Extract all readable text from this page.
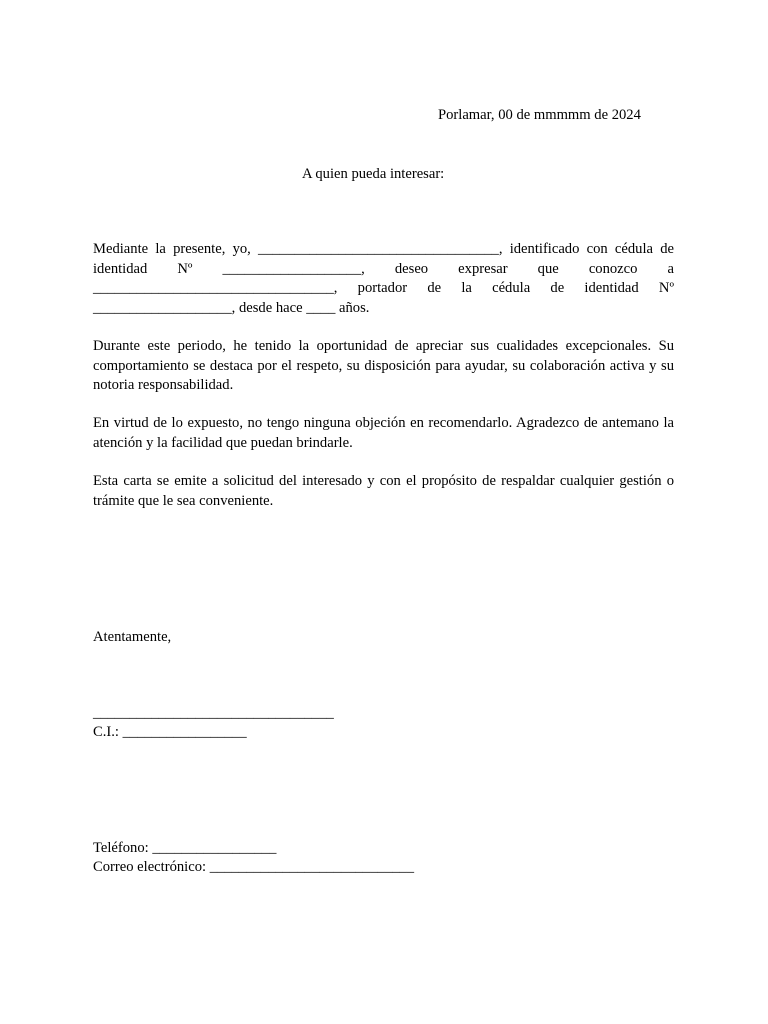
Porlamar, 00 de mmmmm de 2024
A quien pueda interesar:

Mediante la presente, yo, _________________________________, identificado con cédula de identidad Nº ___________________, deseo expresar que conozco a _________________________________, portador de la cédula de identidad Nº ___________________, desde hace ____ años.

Durante este periodo, he tenido la oportunidad de apreciar sus cualidades excepcionales. Su comportamiento se destaca por el respeto, su disposición para ayudar, su colaboración activa y su notoria responsabilidad.

En virtud de lo expuesto, no tengo ninguna objeción en recomendarlo. Agradezco de antemano la atención y la facilidad que puedan brindarle.

Esta carta se emite a solicitud del interesado y con el propósito de respaldar cualquier gestión o trámite que le sea conveniente.

Atentamente,
_________________________________
C.I.: _________________
Teléfono: _________________
Correo electrónico: ____________________________
